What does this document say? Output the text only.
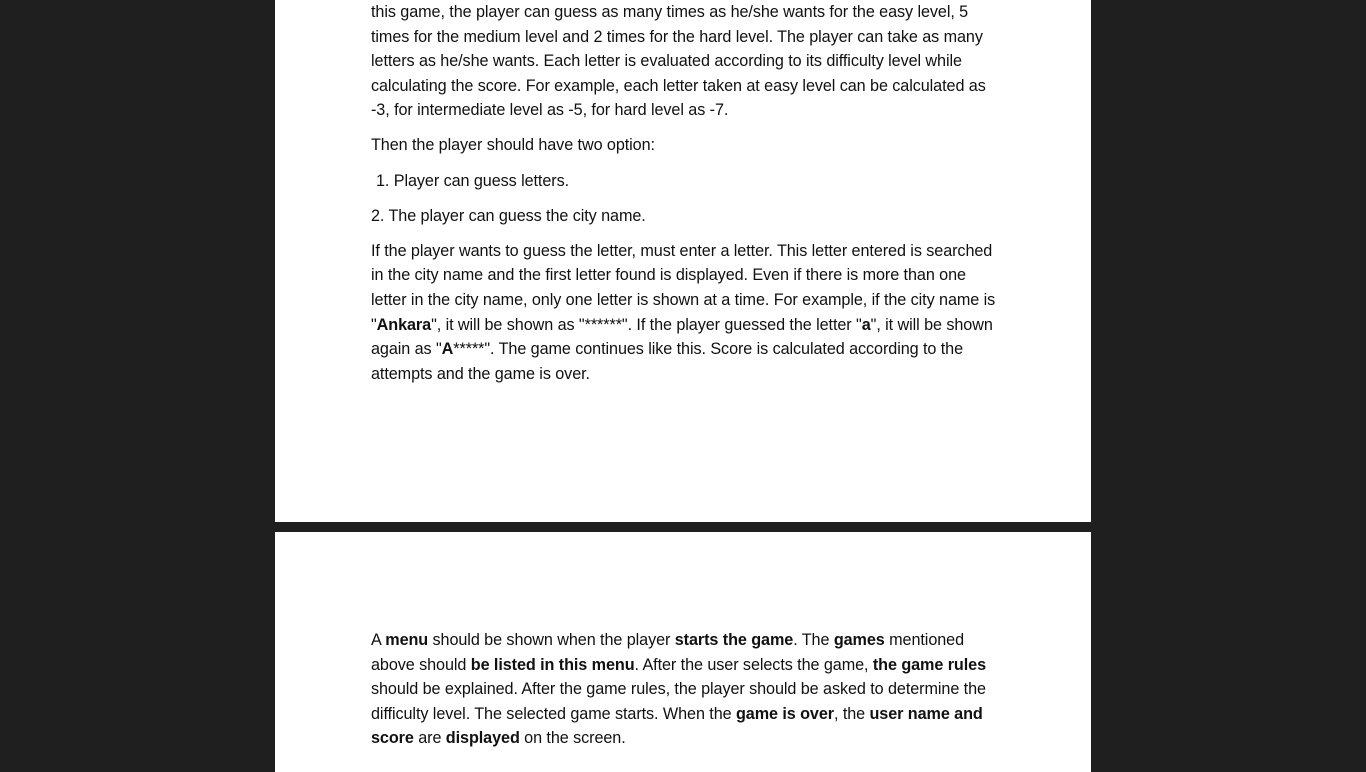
this game, the player can guess as many times as he/she wants for the easy level, 5 times for the medium level and 2 times for the hard level. The player can take as many letters as he/she wants. Each letter is evaluated according to its difficulty level while calculating the score. For example, each letter taken at easy level can be calculated as -3, for intermediate level as -5, for hard level as -7.

Then the player should have two option:

1. Player can guess letters.
2. The player can guess the city name.

If the player wants to guess the letter, must enter a letter. This letter entered is searched in the city name and the first letter found is displayed. Even if there is more than one letter in the city name, only one letter is shown at a time. For example, if the city name is "Ankara", it will be shown as "******". If the player guessed the letter "a", it will be shown again as "A*****". The game continues like this. Score is calculated according to the attempts and the game is over.

A menu should be shown when the player starts the game. The games mentioned above should be listed in this menu. After the user selects the game, the game rules should be explained. After the game rules, the player should be asked to determine the difficulty level. The selected game starts. When the game is over, the user name and score are displayed on the screen.
